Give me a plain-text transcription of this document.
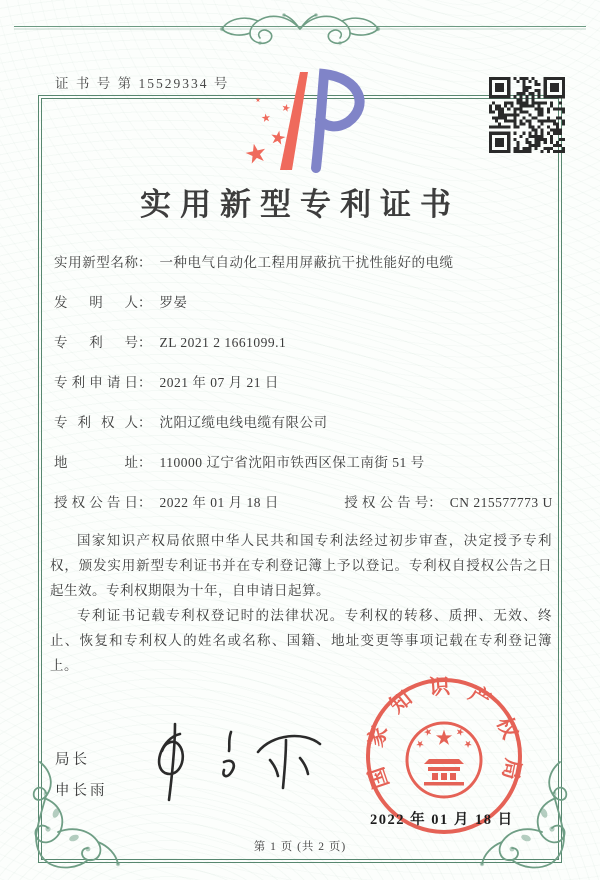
证 书 号 第 15529334 号
实用新型专利证书
实用新型名称： 一种电气自动化工程用屏蔽抗干扰性能好的电缆
发明人： 罗晏
专利号： ZL 2021 2 1661099.1
专利申请日： 2021 年 07 月 21 日
专利权人： 沈阳辽缆电线电缆有限公司
地址： 110000 辽宁省沈阳市铁西区保工南街 51 号
授权公告日： 2022 年 01 月 18 日	授权公告号： CN 215577773 U

国家知识产权局依照中华人民共和国专利法经过初步审查，决定授予专利权，颁发实用新型专利证书并在专利登记簿上予以登记。专利权自授权公告之日起生效。专利权期限为十年，自申请日起算。

专利证书记载专利权登记时的法律状况。专利权的转移、质押、无效、终止、恢复和专利权人的姓名或名称、国籍、地址变更等事项记载在专利登记簿上。

局长
申长雨	国家知识产权局
2022 年 01 月 18 日
第 1 页 (共 2 页)
